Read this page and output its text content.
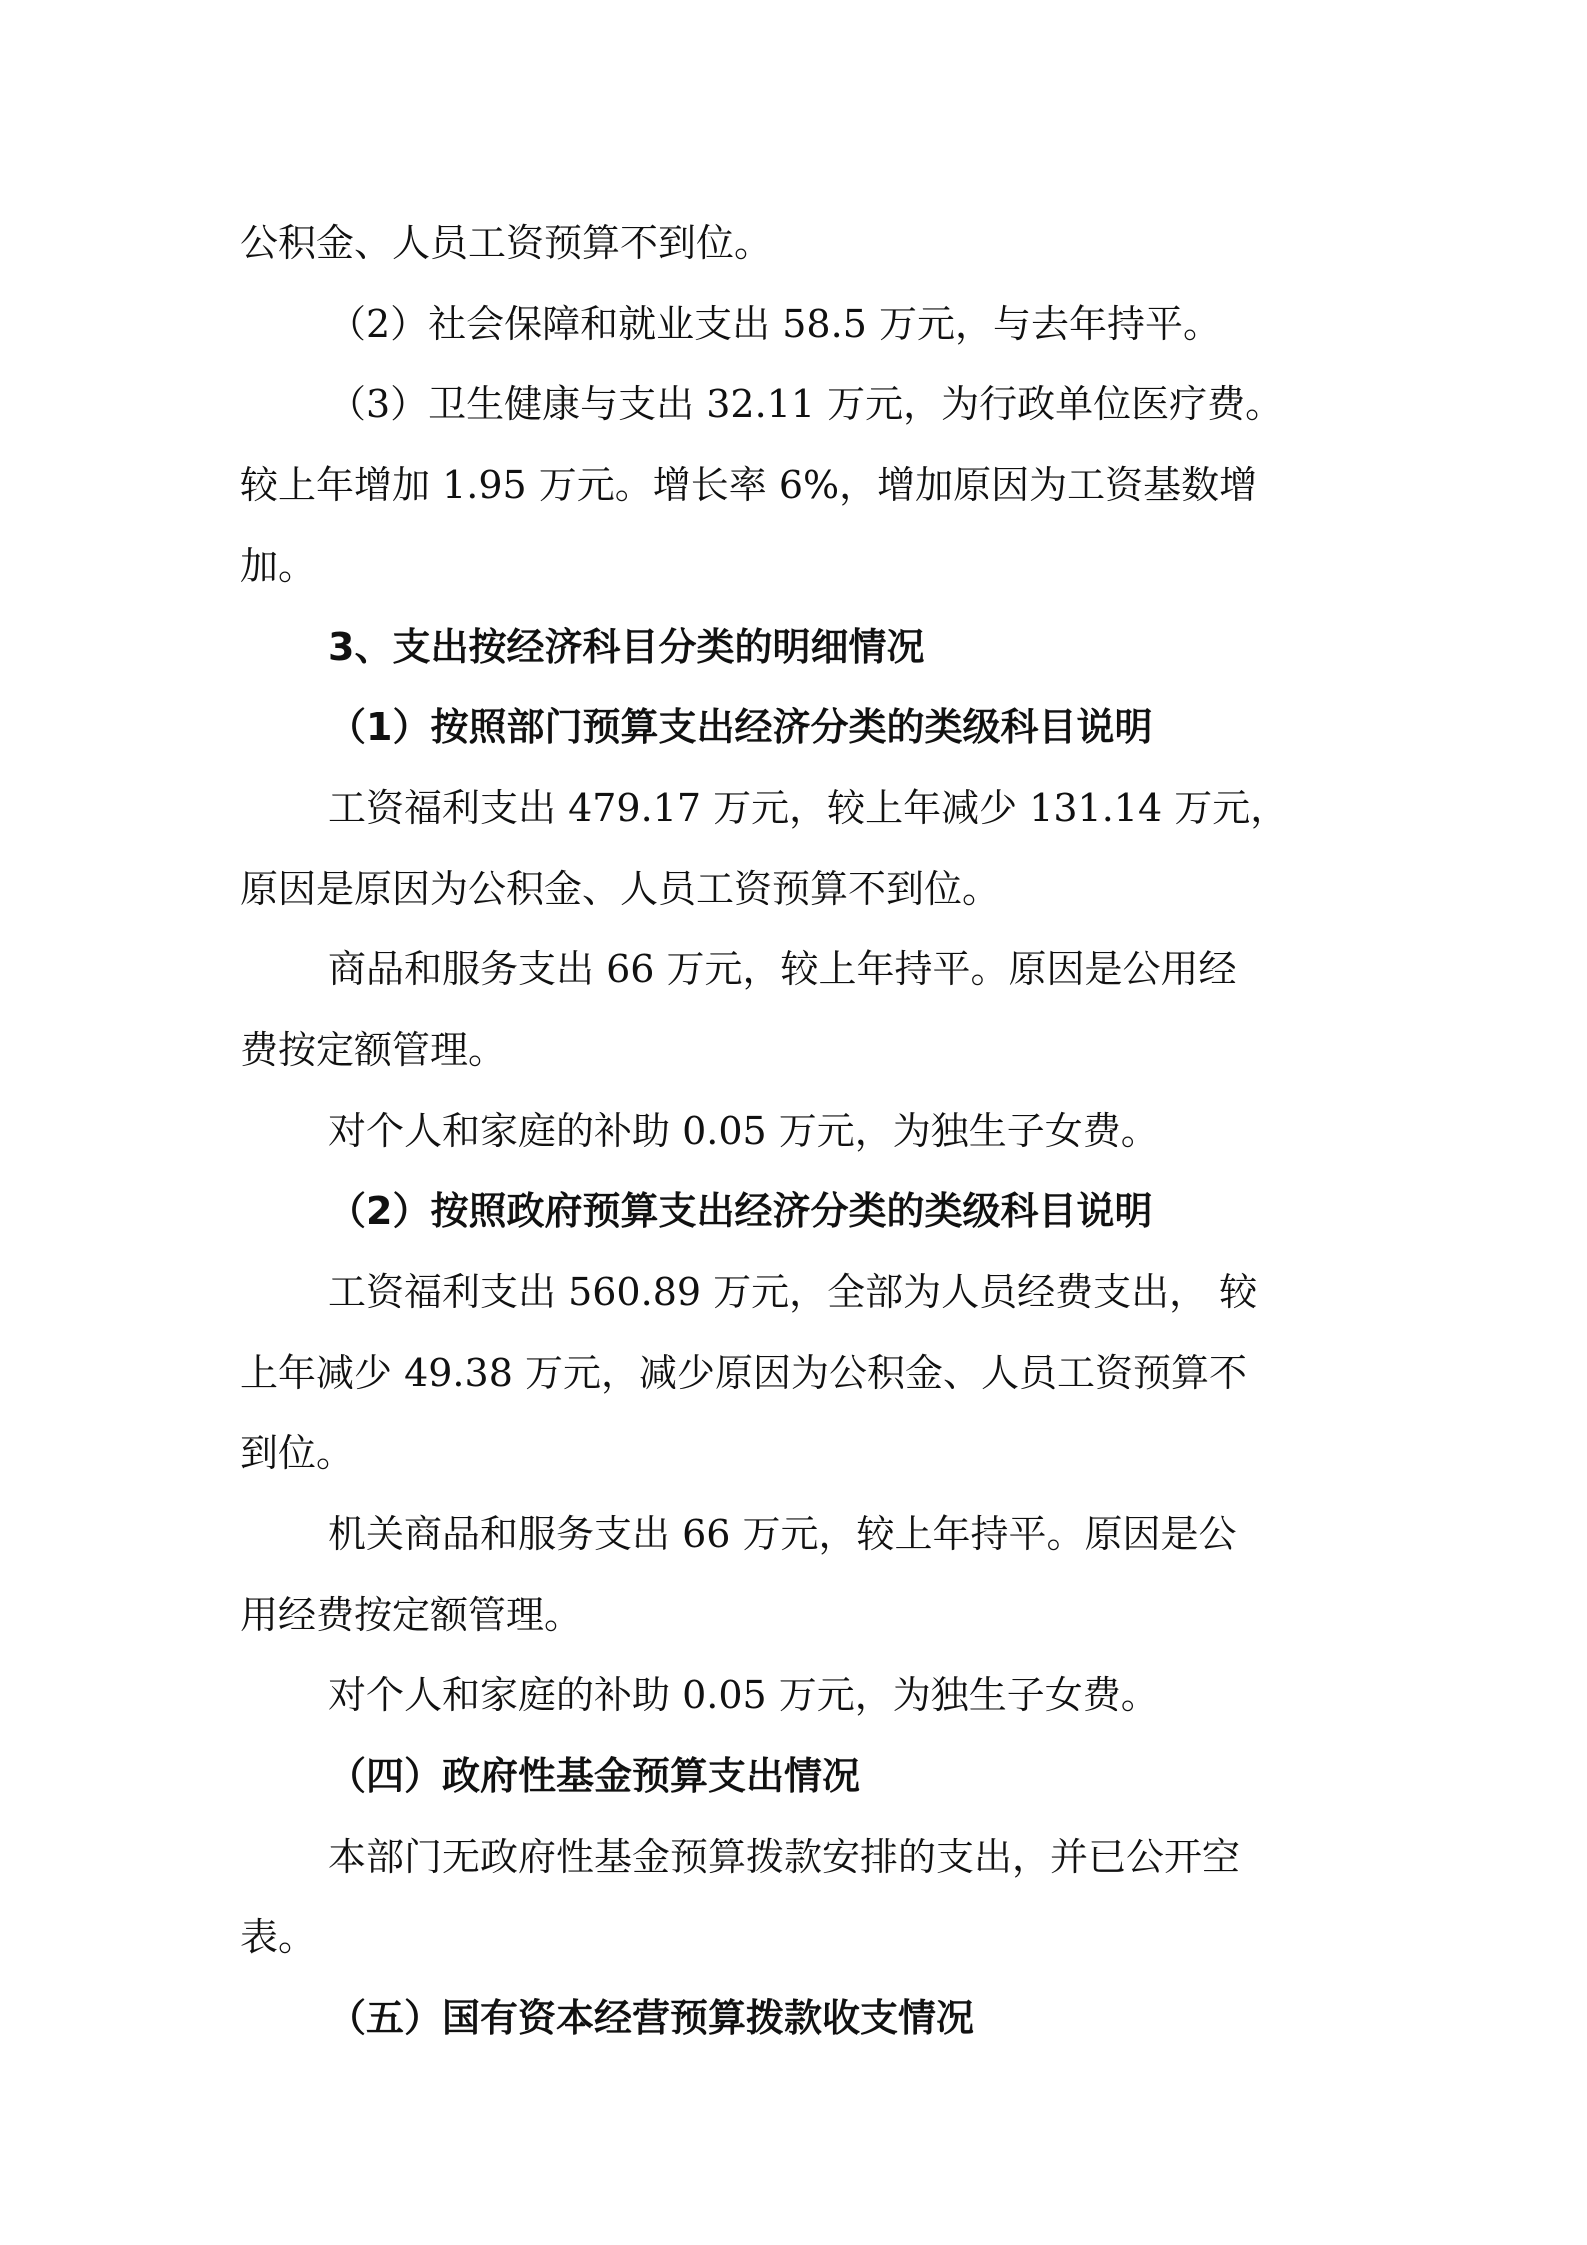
公积金、人员工资预算不到位。
（2）社会保障和就业支出 58.5 万元，与去年持平。
（3）卫生健康与支出 32.11 万元，为行政单位医疗费。
较上年增加 1.95 万元。增长率 6%，增加原因为工资基数增
加。
3、支出按经济科目分类的明细情况
（1）按照部门预算支出经济分类的类级科目说明
工资福利支出 479.17 万元，较上年减少 131.14 万元，
原因是原因为公积金、人员工资预算不到位。
商品和服务支出 66 万元，较上年持平。原因是公用经
费按定额管理。
对个人和家庭的补助 0.05 万元，为独生子女费。
（2）按照政府预算支出经济分类的类级科目说明
工资福利支出 560.89 万元，全部为人员经费支出， 较
上年减少 49.38 万元，减少原因为公积金、人员工资预算不
到位。
机关商品和服务支出 66 万元，较上年持平。原因是公
用经费按定额管理。
对个人和家庭的补助 0.05 万元，为独生子女费。
（四）政府性基金预算支出情况
本部门无政府性基金预算拨款安排的支出，并已公开空
表。
（五）国有资本经营预算拨款收支情况
